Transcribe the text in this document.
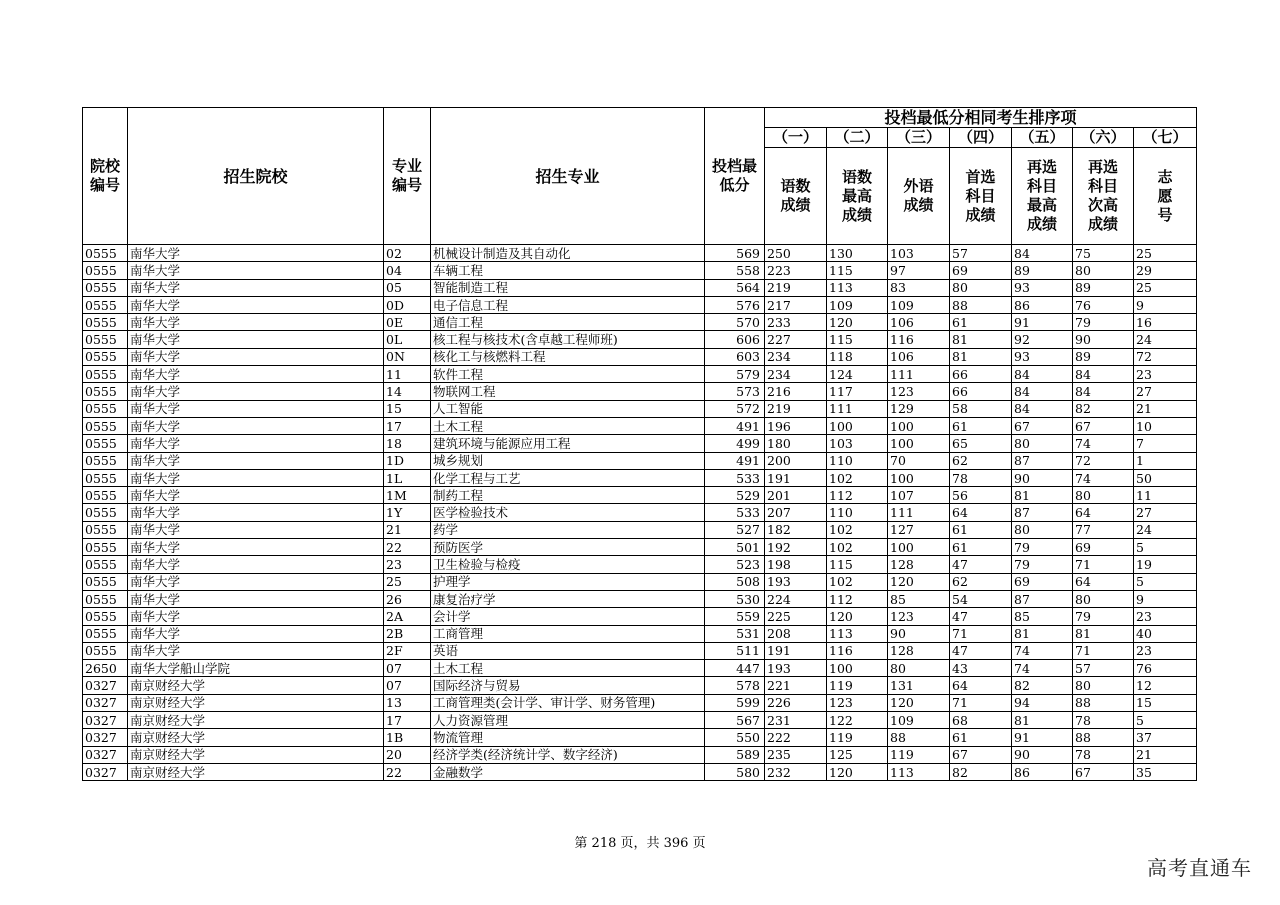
院校编号	招生院校	专业编号	招生专业	投档最低分	投档最低分相同考生排序项						
					（一）	（二）	（三）	（四）	（五）	（六）	（七）
					语数成绩	语数最高成绩	外语成绩	首选科目成绩	再选科目最高成绩	再选科目次高成绩	志愿号
0555	南华大学	02	机械设计制造及其自动化	569	250	130	103	57	84	75	25
0555	南华大学	04	车辆工程	558	223	115	97	69	89	80	29
0555	南华大学	05	智能制造工程	564	219	113	83	80	93	89	25
0555	南华大学	0D	电子信息工程	576	217	109	109	88	86	76	9
0555	南华大学	0E	通信工程	570	233	120	106	61	91	79	16
0555	南华大学	0L	核工程与核技术(含卓越工程师班)	606	227	115	116	81	92	90	24
0555	南华大学	0N	核化工与核燃料工程	603	234	118	106	81	93	89	72
0555	南华大学	11	软件工程	579	234	124	111	66	84	84	23
0555	南华大学	14	物联网工程	573	216	117	123	66	84	84	27
0555	南华大学	15	人工智能	572	219	111	129	58	84	82	21
0555	南华大学	17	土木工程	491	196	100	100	61	67	67	10
0555	南华大学	18	建筑环境与能源应用工程	499	180	103	100	65	80	74	7
0555	南华大学	1D	城乡规划	491	200	110	70	62	87	72	1
0555	南华大学	1L	化学工程与工艺	533	191	102	100	78	90	74	50
0555	南华大学	1M	制药工程	529	201	112	107	56	81	80	11
0555	南华大学	1Y	医学检验技术	533	207	110	111	64	87	64	27
0555	南华大学	21	药学	527	182	102	127	61	80	77	24
0555	南华大学	22	预防医学	501	192	102	100	61	79	69	5
0555	南华大学	23	卫生检验与检疫	523	198	115	128	47	79	71	19
0555	南华大学	25	护理学	508	193	102	120	62	69	64	5
0555	南华大学	26	康复治疗学	530	224	112	85	54	87	80	9
0555	南华大学	2A	会计学	559	225	120	123	47	85	79	23
0555	南华大学	2B	工商管理	531	208	113	90	71	81	81	40
0555	南华大学	2F	英语	511	191	116	128	47	74	71	23
2650	南华大学船山学院	07	土木工程	447	193	100	80	43	74	57	76
0327	南京财经大学	07	国际经济与贸易	578	221	119	131	64	82	80	12
0327	南京财经大学	13	工商管理类(会计学、审计学、财务管理)	599	226	123	120	71	94	88	15
0327	南京财经大学	17	人力资源管理	567	231	122	109	68	81	78	5
0327	南京财经大学	1B	物流管理	550	222	119	88	61	91	88	37
0327	南京财经大学	20	经济学类(经济统计学、数字经济)	589	235	125	119	67	90	78	21
0327	南京财经大学	22	金融数学	580	232	120	113	82	86	67	35
第 218 页，共 396 页
高考直通车
